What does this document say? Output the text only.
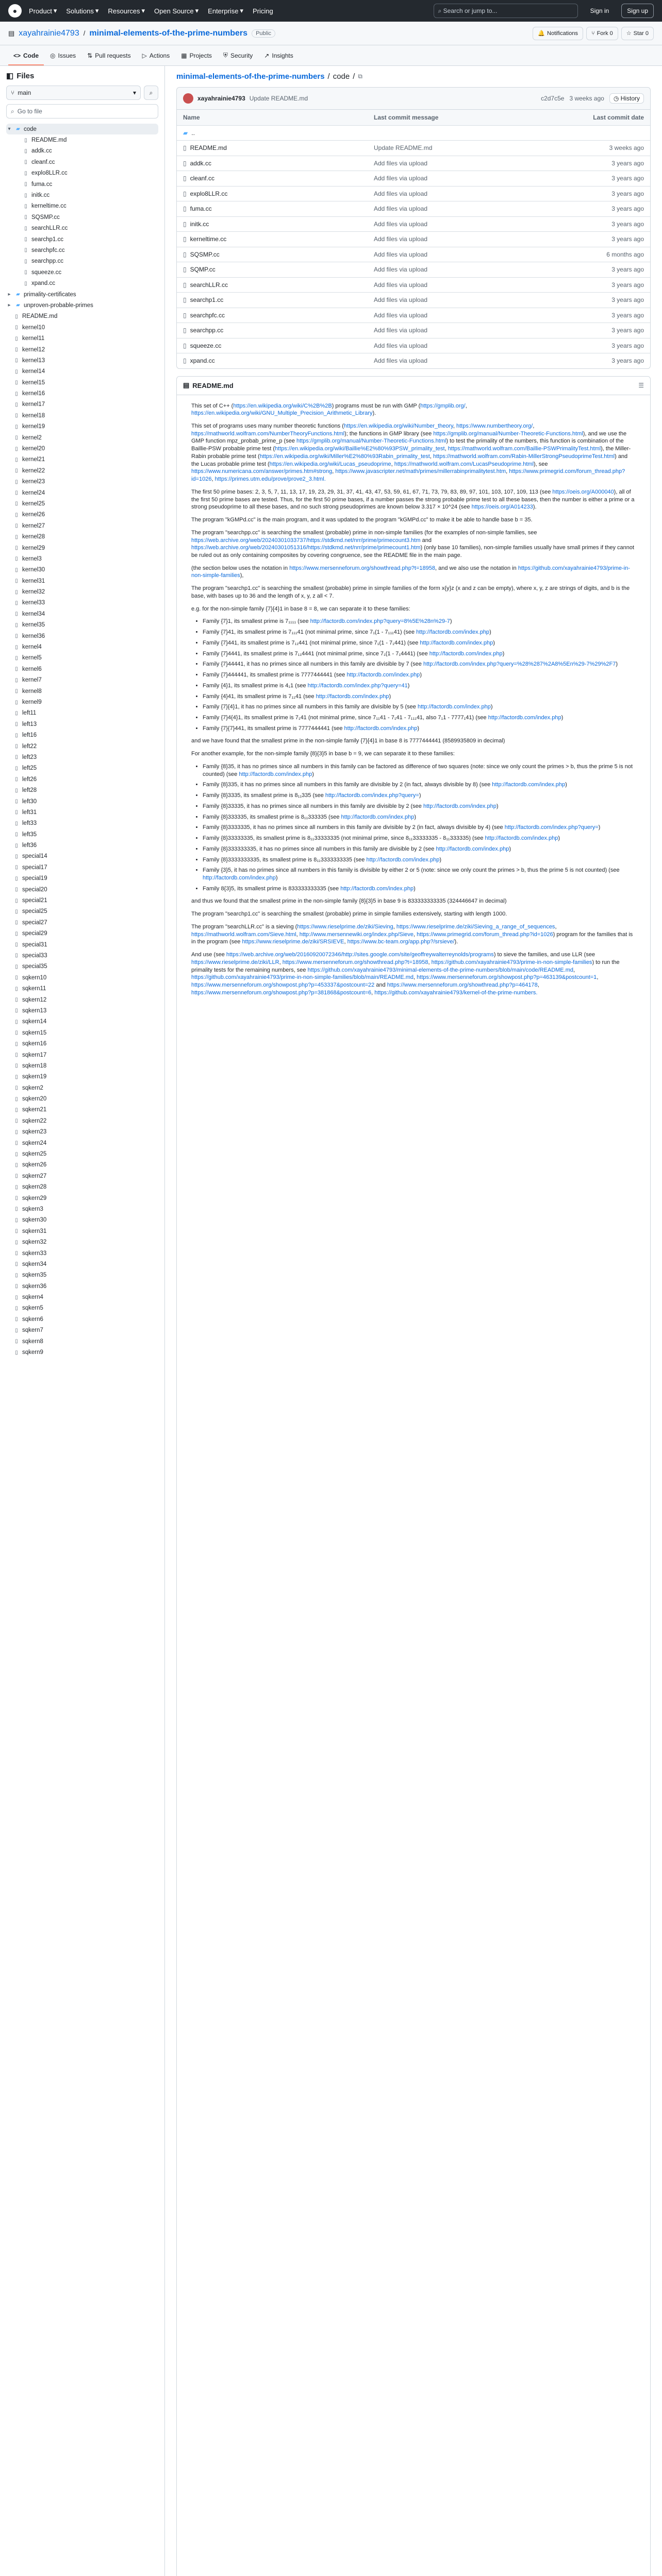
●	Product ▾ Solutions ▾ Resources ▾ Open Source ▾ Enterprise ▾ Pricing	⌕ Search or jump to...	Sign in	Sign up
▤ xayahrainie4793 / minimal-elements-of-the-prime-numbers	Public	🔔 Notifications ⑂ Fork 0 ☆ Star 0
<> Code ◎ Issues ⇅ Pull requests ▷ Actions ▦ Projects ⛨ Security ↗ Insights
◧ Files
⑂ main	▾ ⌕
⌕ Go to file
▾	▰ code
▯ README.md
▯ addk.cc
▯ cleanf.cc
▯ explo8LLR.cc
▯ fuma.cc
▯ initk.cc
▯ kerneltime.cc
▯ SQSMP.cc
▯ searchLLR.cc
▯ searchp1.cc
▯ searchpfc.cc
▯ searchpp.cc
▯ squeeze.cc
▯ xpand.cc
▸	▰ primality-certificates
▸	▰ unproven-probable-primes
▯ README.md
▯ kernel10
▯ kernel11
▯ kernel12
▯ kernel13
▯ kernel14
▯ kernel15
▯ kernel16
▯ kernel17
▯ kernel18
▯ kernel19
▯ kernel2
▯ kernel20
▯ kernel21
▯ kernel22
▯ kernel23
▯ kernel24
▯ kernel25
▯ kernel26
▯ kernel27
▯ kernel28
▯ kernel29
▯ kernel3
▯ kernel30
▯ kernel31
▯ kernel32
▯ kernel33
▯ kernel34
▯ kernel35
▯ kernel36
▯ kernel4
▯ kernel5
▯ kernel6
▯ kernel7
▯ kernel8
▯ kernel9
▯ left11
▯ left13
▯ left16
▯ left22
▯ left23
▯ left25
▯ left26
▯ left28
▯ left30
▯ left31
▯ left33
▯ left35
▯ left36
▯ special14
▯ special17
▯ special19
▯ special20
▯ special21
▯ special25
▯ special27
▯ special29
▯ special31
▯ special33
▯ special35
▯ sqkern10
▯ sqkern11
▯ sqkern12
▯ sqkern13
▯ sqkern14
▯ sqkern15
▯ sqkern16
▯ sqkern17
▯ sqkern18
▯ sqkern19
▯ sqkern2
▯ sqkern20
▯ sqkern21
▯ sqkern22
▯ sqkern23
▯ sqkern24
▯ sqkern25
▯ sqkern26
▯ sqkern27
▯ sqkern28
▯ sqkern29
▯ sqkern3
▯ sqkern30
▯ sqkern31
▯ sqkern32
▯ sqkern33
▯ sqkern34
▯ sqkern35
▯ sqkern36
▯ sqkern4
▯ sqkern5
▯ sqkern6
▯ sqkern7
▯ sqkern8
▯ sqkern9
minimal-elements-of-the-prime-numbers / code / ⧉
xayahrainie4793 Update README.md	c2d7c5e 3 weeks ago	◷ History
Name	Last commit message	Last commit date
▰ ..
▯ README.md	Update README.md	3 weeks ago
▯ addk.cc	Add files via upload	3 years ago
▯ cleanf.cc	Add files via upload	3 years ago
▯ explo8LLR.cc	Add files via upload	3 years ago
▯ fuma.cc	Add files via upload	3 years ago
▯ initk.cc	Add files via upload	3 years ago
▯ kerneltime.cc	Add files via upload	3 years ago
▯ SQSMP.cc	Add files via upload	6 months ago
▯ SQMP.cc	Add files via upload	3 years ago
▯ searchLLR.cc	Add files via upload	3 years ago
▯ searchp1.cc	Add files via upload	3 years ago
▯ searchpfc.cc	Add files via upload	3 years ago
▯ searchpp.cc	Add files via upload	3 years ago
▯ squeeze.cc	Add files via upload	3 years ago
▯ xpand.cc	Add files via upload	3 years ago
▤ README.md	☰

This set of C++ (https://en.wikipedia.org/wiki/C%2B%2B) programs must be run with GMP (https://gmplib.org/, https://en.wikipedia.org/wiki/GNU_Multiple_Precision_Arithmetic_Library).

This set of programs uses many number theoretic functions (https://en.wikipedia.org/wiki/Number_theory, https://www.numbertheory.org/, https://mathworld.wolfram.com/NumberTheoryFunctions.html); the functions in GMP library (see https://gmplib.org/manual/Number-Theoretic-Functions.html), and we use the GMP function mpz_probab_prime_p (see https://gmplib.org/manual/Number-Theoretic-Functions.html) to test the primality of the numbers, this function is combination of the Baillie-PSW probable prime test (https://en.wikipedia.org/wiki/Baillie%E2%80%93PSW_primality_test, https://mathworld.wolfram.com/Baillie-PSWPrimalityTest.html), the Miller-Rabin probable prime test (https://en.wikipedia.org/wiki/Miller%E2%80%93Rabin_primality_test, https://mathworld.wolfram.com/Rabin-MillerStrongPseudoprimeTest.html) and the Lucas probable prime test (https://en.wikipedia.org/wiki/Lucas_pseudoprime, https://mathworld.wolfram.com/LucasPseudoprime.html), see https://www.numericana.com/answer/primes.htm#strong, https://www.javascripter.net/math/primes/millerrabinprimalitytest.htm, https://www.primegrid.com/forum_thread.php?id=1026, https://primes.utm.edu/prove/prove2_3.html.

The first 50 prime bases: 2, 3, 5, 7, 11, 13, 17, 19, 23, 29, 31, 37, 41, 43, 47, 53, 59, 61, 67, 71, 73, 79, 83, 89, 97, 101, 103, 107, 109, 113 (see https://oeis.org/A000040), all of the first 50 prime bases are tested. Thus, for the first 50 prime bases, if a number passes the strong probable prime test to all these bases, then the number is either a prime or a strong pseudoprime to all these bases, and no such strong pseudoprimes are known below 3.317 × 10^24 (see https://oeis.org/A014233).

The program "kGMPd.cc" is the main program, and it was updated to the program "kGMPd.cc" to make it be able to handle base b = 35.

The program "searchpp.cc" is searching the smallest (probable) prime in non-simple families (for the examples of non-simple families, see https://web.archive.org/web/20240301033737/https://stdkmd.net/nrr/prime/primecount3.htm and https://web.archive.org/web/20240301051316/https://stdkmd.net/nrr/prime/primecount1.htm) (only base 10 families), non-simple families usually have small primes if they cannot be ruled out as only containing composites by covering congruence, see the README file in the main page.

(the section below uses the notation in https://www.mersenneforum.org/showthread.php?t=18958, and we also use the notation in https://github.com/xayahrainie4793/prime-in-non-simple-families),

The program "searchp1.cc" is searching the smallest (probable) prime in simple families of the form x{y}z (x and z can be empty), where x, y, z are strings of digits, and b is the base, with bases up to 36 and the length of x, y, z all < 7.

e.g. for the non-simple family {7}{4}1 in base 8 = 8, we can separate it to these families:

• Family {7}1, its smallest prime is 7₁₁₁₁ (see http://factordb.com/index.php?query=8%5E%28n%29-7)
• Family {7}41, its smallest prime is 7₁₁₁41 (not minimal prime, since 7₁(1 - 7₁₁₁41) (see http://factordb.com/index.php)
• Family {7}441, its smallest prime is 7₁₁441 (not minimal prime, since 7₁(1 - 7₁441) (see http://factordb.com/index.php)
• Family {7}4441, its smallest prime is 7₁₁4441 (not minimal prime, since 7₁(1 - 7₁4441) (see http://factordb.com/index.php)
• Family {7}44441, it has no primes since all numbers in this family are divisible by 7 (see http://factordb.com/index.php?query=%28%287%2A8%5En%29-7%29%2F7)
• Family {7}444441, its smallest prime is 7777444441 (see http://factordb.com/index.php)
• Family {4}1, its smallest prime is 4₁1 (see http://factordb.com/index.php?query=41)
• Family {4}41, its smallest prime is 7₁₁41 (see http://factordb.com/index.php)
• Family {7}{4}1, it has no primes since all numbers in this family are divisible by 5 (see http://factordb.com/index.php)
• Family {7}4{4}1, its smallest prime is 7₁41 (not minimal prime, since 7₁₁41 - 7₁41 - 7₁₁₁41, also 7₁1 - 7777₁41) (see http://factordb.com/index.php)
• Family {7}{7}441, its smallest prime is 7777444441 (see http://factordb.com/index.php)

and we have found that the smallest prime in the non-simple family {7}{4}1 in base 8 is 7777444441 (8589935809 in decimal)

For another example, for the non-simple family {8}{3}5 in base b = 9, we can separate it to these families:

• Family {8}35, it has no primes since all numbers in this family can be factored as difference of two squares (note: since we only count the primes > b, thus the prime 5 is not counted) (see http://factordb.com/index.php)
• Family {8}335, it has no primes since all numbers in this family are divisible by 2 (in fact, always divisible by 8) (see http://factordb.com/index.php)
• Family {8}3335, its smallest prime is 8₁₁335 (see http://factordb.com/index.php?query=)
• Family {8}33335, it has no primes since all numbers in this family are divisible by 2 (see http://factordb.com/index.php)
• Family {8}333335, its smallest prime is 8₁₁333335 (see http://factordb.com/index.php)
• Family {8}3333335, it has no primes since all numbers in this family are divisible by 2 (in fact, always divisible by 4) (see http://factordb.com/index.php?query=)
• Family {8}33333335, its smallest prime is 8₁₁33333335 (not minimal prime, since 8₁₁33333335 - 8₁₁333335) (see http://factordb.com/index.php)
• Family {8}333333335, it has no primes since all numbers in this family are divisible by 2 (see http://factordb.com/index.php)
• Family {8}3333333335, its smallest prime is 8₁₁3333333335 (see http://factordb.com/index.php)
• Family {3}5, it has no primes since all numbers in this family is divisible by either 2 or 5 (note: since we only count the primes > b, thus the prime 5 is not counted) (see http://factordb.com/index.php)
• Family 8{3}5, its smallest prime is 833333333335 (see http://factordb.com/index.php)

and thus we found that the smallest prime in the non-simple family {8}{3}5 in base 9 is 833333333335 (324446647 in decimal)

The program "searchp1.cc" is searching the smallest (probable) prime in simple families extensively, starting with length 1000.

The program "searchLLR.cc" is a sieving (https://www.rieselprime.de/ziki/Sieving, https://www.rieselprime.de/ziki/Sieving_a_range_of_sequences, https://mathworld.wolfram.com/Sieve.html, http://www.mersennewiki.org/index.php/Sieve, https://www.primegrid.com/forum_thread.php?id=1026) program for the families that is in the program (see https://www.rieselprime.de/ziki/SRSIEVE, https://www.bc-team.org/app.php?/srsieve/).

And use (see https://web.archive.org/web/20160920072346/http://sites.google.com/site/geoffreywalterreynolds/programs) to sieve the families, and use LLR (see https://www.rieselprime.de/ziki/LLR, https://www.mersenneforum.org/showthread.php?t=18958, https://github.com/xayahrainie4793/prime-in-non-simple-families) to run the primality tests for the remaining numbers, see https://github.com/xayahrainie4793/minimal-elements-of-the-prime-numbers/blob/main/code/README.md, https://github.com/xayahrainie4793/prime-in-non-simple-families/blob/main/README.md, https://www.mersenneforum.org/showpost.php?p=463139&postcount=1, https://www.mersenneforum.org/showpost.php?p=453337&postcount=22 and https://www.mersenneforum.org/showthread.php?p=464178, https://www.mersenneforum.org/showpost.php?p=381868&postcount=6, https://github.com/xayahrainie4793/kernel-of-the-prime-numbers.
